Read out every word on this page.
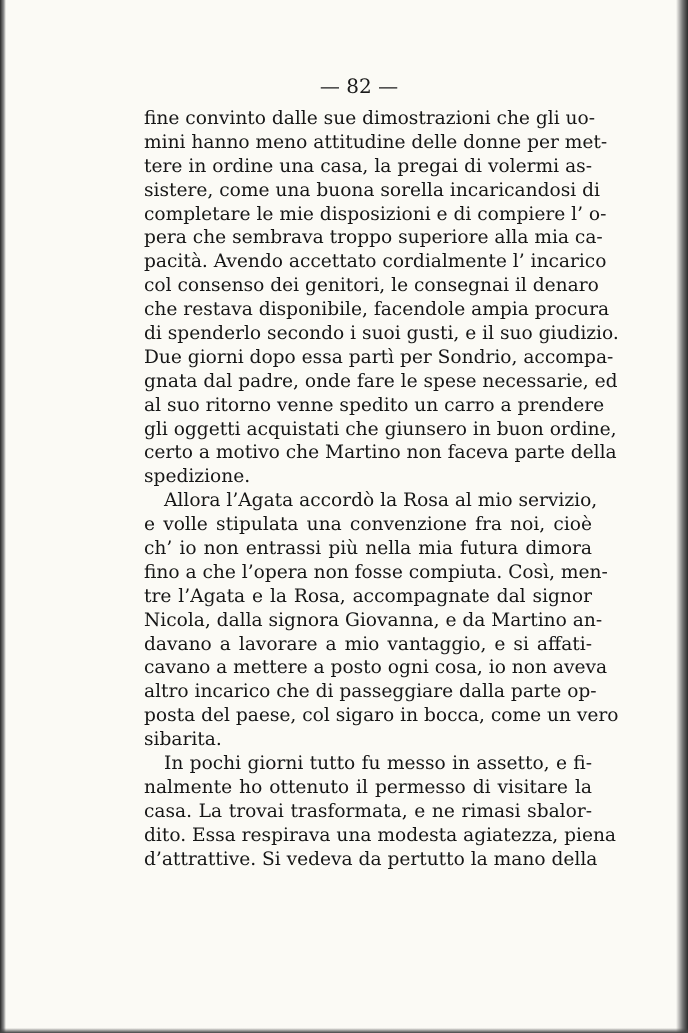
— 82 —

fine convinto dalle sue dimostrazioni che gli uo-
mini hanno meno attitudine delle donne per met-
tere in ordine una casa, la pregai di volermi as-
sistere, come una buona sorella incaricandosi di
completare le mie disposizioni e di compiere l’ o-
pera che sembrava troppo superiore alla mia ca-
pacità. Avendo accettato cordialmente l’ incarico
col consenso dei genitori, le consegnai il denaro
che restava disponibile, facendole ampia procura
di spenderlo secondo i suoi gusti, e il suo giudizio.
Due giorni dopo essa partì per Sondrio, accompa-
gnata dal padre, onde fare le spese necessarie, ed
al suo ritorno venne spedito un carro a prendere
gli oggetti acquistati che giunsero in buon ordine,
certo a motivo che Martino non faceva parte della
spedizione.
Allora l’Agata accordò la Rosa al mio servizio,
e volle stipulata una convenzione fra noi, cioè
ch’ io non entrassi più nella mia futura dimora
fino a che l’opera non fosse compiuta. Così, men-
tre l’Agata e la Rosa, accompagnate dal signor
Nicola, dalla signora Giovanna, e da Martino an-
davano a lavorare a mio vantaggio, e si affati-
cavano a mettere a posto ogni cosa, io non aveva
altro incarico che di passeggiare dalla parte op-
posta del paese, col sigaro in bocca, come un vero
sibarita.
In pochi giorni tutto fu messo in assetto, e fi-
nalmente ho ottenuto il permesso di visitare la
casa. La trovai trasformata, e ne rimasi sbalor-
dito. Essa respirava una modesta agiatezza, piena
d’attrattive. Si vedeva da pertutto la mano della
